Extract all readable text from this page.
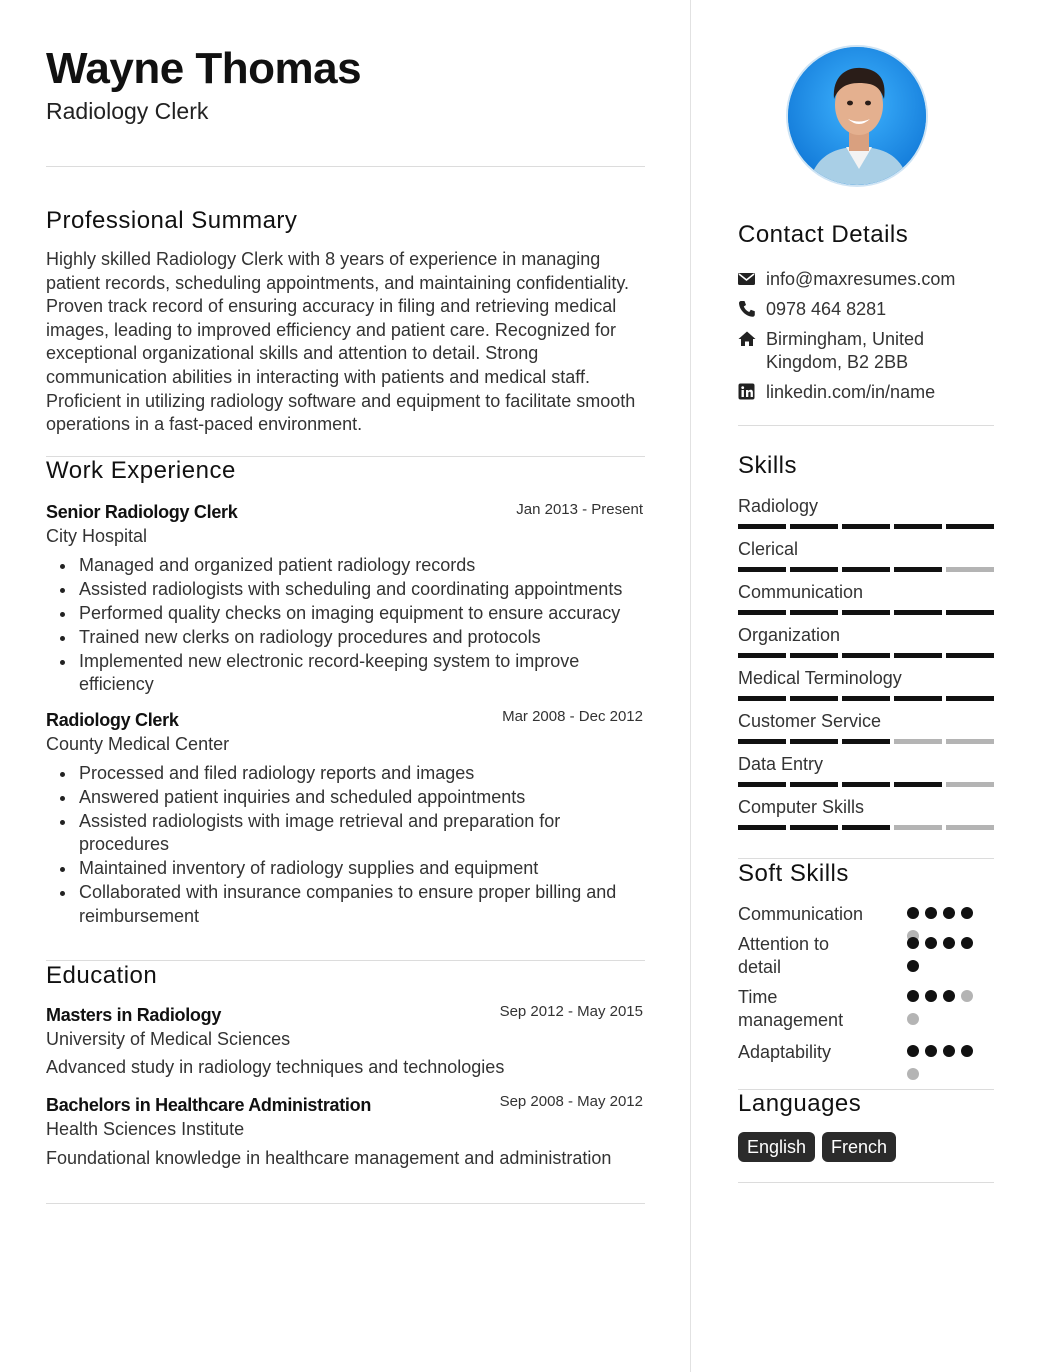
Wayne Thomas
Radiology Clerk
Professional Summary
Highly skilled Radiology Clerk with 8 years of experience in managing patient records, scheduling appointments, and maintaining confidentiality. Proven track record of ensuring accuracy in filing and retrieving medical images, leading to improved efficiency and patient care. Recognized for exceptional organizational skills and attention to detail. Strong communication abilities in interacting with patients and medical staff. Proficient in utilizing radiology software and equipment to facilitate smooth operations in a fast-paced environment.
Work Experience
Senior Radiology Clerk	Jan 2013 - Present
City Hospital
Managed and organized patient radiology records
Assisted radiologists with scheduling and coordinating appointments
Performed quality checks on imaging equipment to ensure accuracy
Trained new clerks on radiology procedures and protocols
Implemented new electronic record-keeping system to improve efficiency
Radiology Clerk	Mar 2008 - Dec 2012
County Medical Center
Processed and filed radiology reports and images
Answered patient inquiries and scheduled appointments
Assisted radiologists with image retrieval and preparation for procedures
Maintained inventory of radiology supplies and equipment
Collaborated with insurance companies to ensure proper billing and reimbursement
Education
Masters in Radiology	Sep 2012 - May 2015
University of Medical Sciences
Advanced study in radiology techniques and technologies
Bachelors in Healthcare Administration	Sep 2008 - May 2012
Health Sciences Institute
Foundational knowledge in healthcare management and administration
Contact Details
info@maxresumes.com
0978 464 8281
Birmingham, United Kingdom, B2 2BB
linkedin.com/in/name
Skills
Radiology
Clerical
Communication
Organization
Medical Terminology
Customer Service
Data Entry
Computer Skills
Soft Skills
Communication
Attention to detail
Time management
Adaptability
Languages
English	French
